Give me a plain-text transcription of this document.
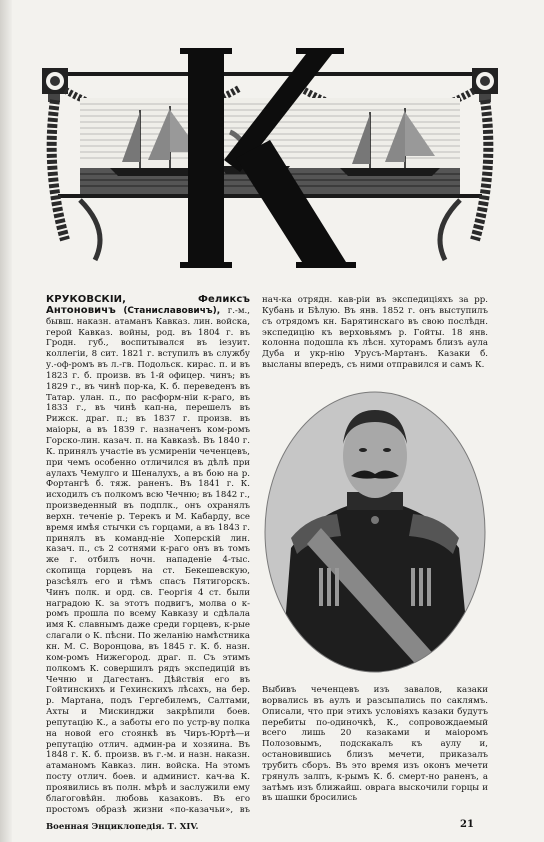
КРУКОВСКІЙ, Феликсъ Антоновичъ (Станиславовичъ), г.-м., бывш. наказн. атаманъ Кавказ. лин. войска, герой Кавказ. войны, род. въ 1804 г. въ Гродн. губ., воспитывался въ іезуит. коллегіи, 8 сит. 1821 г. вступилъ въ службу у.-оф-ромъ въ л.-гв. Подольск. кирас. п. и въ 1823 г. б. произв. въ 1-й офицер. чинъ; въ 1829 г., въ чинѣ пор-ка, К. б. переведенъ въ Татар. улан. п., по расформ-ніи к-рагo, въ 1833 г., въ чинѣ кап-на, перешелъ въ Рижск. драг. п.; въ 1837 г. произв. въ маіоры, а въ 1839 г. назначенъ ком-ромъ Горско-лин. казач. п. на Кавказѣ. Въ 1840 г. К. принялъ участіе въ усмиреніи чеченцевъ, при чемъ особенно отличился въ дѣлѣ при аулахъ Чемулго и Шеналухъ, а въ бою на р. Фортангѣ б. тяж. раненъ. Въ 1841 г. К. исходилъ съ полкомъ всю Чечню; въ 1842 г., произведенный въ подплк., онъ охранялъ верхн. теченіе р. Терекъ и М. Кабарду, все время имѣя стычки съ горцами, а въ 1843 г. принялъ въ команд-ніе Хоперскій лин. казач. п., съ 2 сотнями к-раго онъ въ томъ же г. отбилъ ночн. нападеніе 4-тыс. скопища горцевъ на ст. Бекешевскую, разсѣялъ его и тѣмъ спасъ Пятигорскъ. Чинъ полк. и орд. св. Георгія 4 ст. были наградою К. за этотъ подвигъ, молва о к-ромъ прошла по всему Кавказу и сдѣлала имя К. славнымъ даже среди горцевъ, к-рые слагали о К. пѣсни. По желанію намѣстника кн. М. С. Воронцова, въ 1845 г. К. б. назн. ком-ромъ Нижегород. драг. п. Съ этимъ полкомъ К. совершилъ рядъ экспедицій въ Чечню и Дагестанъ. Дѣйствія его въ Гойтинскихъ и Гехинскихъ лѣсахъ, на бер. р. Мартана, подъ Гергебилемъ, Салтами, Ахты и Мискинджи закрѣпили боев. репутацію К., а заботы его по устр-ву полка на новой его стоянкѣ въ Чиръ-Юртѣ—и репутацію отлич. админ-ра и хозяина. Въ 1848 г. К. б. произв. въ г.-м. и назн. наказн. атаманомъ Кавказ. лин. войска. На этомъ посту отлич. боев. и админист. кач-ва К. проявились въ полн. мѣрѣ и заслужили ему благоговѣйн. любовь казаковъ. Въ его простомъ образѣ жизни «по-казачьи», въ

нач-ка отрядн. кав-ріи въ экспедиціяхъ за рр. Кубань и Бѣлую. Въ янв. 1852 г. онъ выступилъ съ отрядомъ кн. Барятинскаго въ свою послѣдн. экспедицію къ верховьямъ р. Гойты. 18 янв. колонна подошла къ лѣсн. хуторамъ близъ аула Дуба и укр-нію Урусъ-Мартанъ. Казаки б. высланы впередъ, съ ними отправился и самъ К.

Выбивъ чеченцевъ изъ завалов, казаки ворвались въ аулъ и разсыпались по саклямъ. Описали, что при этихъ условіяхъ казаки будутъ перебиты по-одиночкѣ, К., сопровождаемый всего лишь 20 казаками и маіоромъ Полозовымъ, подскакалъ къ аулу и, остановившись близъ мечети, приказалъ трубить сборъ. Въ это время изъ оконъ мечети грянулъ залпъ, к-рымъ К. б. смерт-но раненъ, а затѣмъ изъ ближайш. оврага выскочили горцы и въ шашки бросились

Военная Энциклопедія. Т. XIV.	21
